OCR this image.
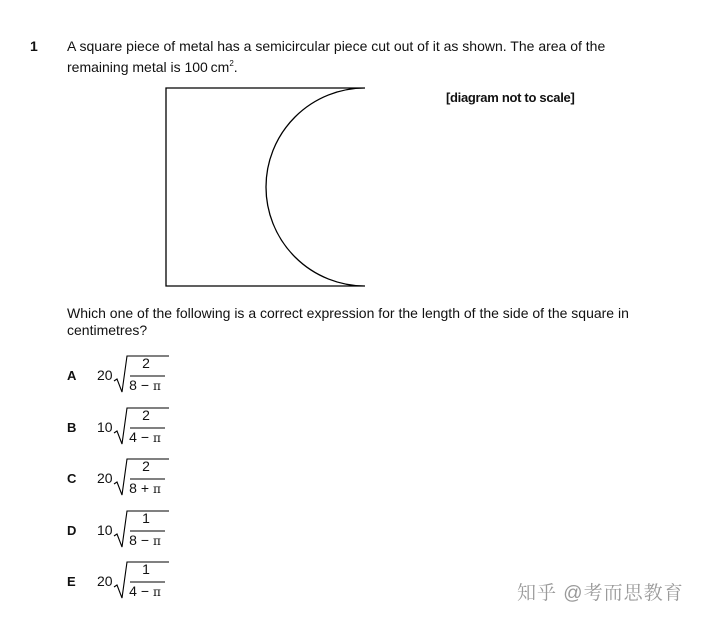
1 A square piece of metal has a semicircular piece cut out of it as shown. The area of the remaining metal is 100  $cm^2$.
[diagram not to scale]
Which one of the following is a correct expression for the length of the side of the square in centimetres?
A 20
2
8 − π
B 10
2
4 − π
C 20
2
8 + π
D 10
1
8 − π
E 20
1
4 − π	知乎 @考而思教育
